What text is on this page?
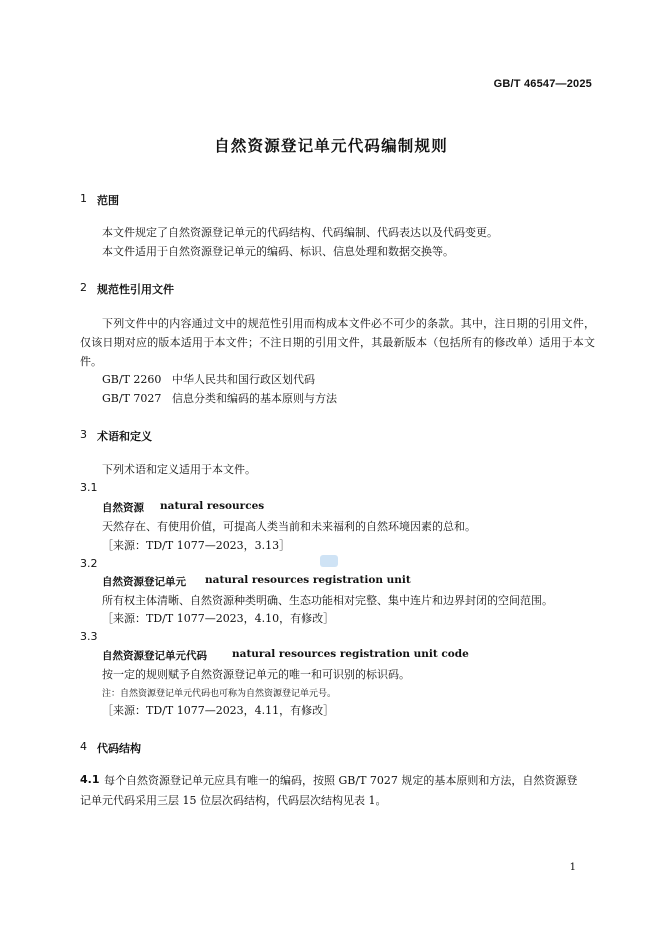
GB/T 46547—2025
自然资源登记单元代码编制规则
1 范围
本文件规定了自然资源登记单元的代码结构、代码编制、代码表达以及代码变更。
本文件适用于自然资源登记单元的编码、标识、信息处理和数据交换等。
2 规范性引用文件
下列文件中的内容通过文中的规范性引用而构成本文件必不可少的条款。其中，注日期的引用文件，仅该日期对应的版本适用于本文件；不注日期的引用文件，其最新版本（包括所有的修改单）适用于本文件。
GB/T 2260 中华人民共和国行政区划代码
GB/T 7027 信息分类和编码的基本原则与方法
3 术语和定义
下列术语和定义适用于本文件。
3.1
自然资源 natural resources
天然存在、有使用价值，可提高人类当前和未来福利的自然环境因素的总和。
［来源：TD/T 1077—2023，3.13］
3.2
自然资源登记单元 natural resources registration unit
所有权主体清晰、自然资源种类明确、生态功能相对完整、集中连片和边界封闭的空间范围。
［来源：TD/T 1077—2023，4.10，有修改］
3.3
自然资源登记单元代码 natural resources registration unit code
按一定的规则赋予自然资源登记单元的唯一和可识别的标识码。
注：自然资源登记单元代码也可称为自然资源登记单元号。
［来源：TD/T 1077—2023，4.11，有修改］
4 代码结构
4.1 每个自然资源登记单元应具有唯一的编码，按照 GB/T 7027 规定的基本原则和方法，自然资源登
记单元代码采用三层 15 位层次码结构，代码层次结构见表 1。
1
